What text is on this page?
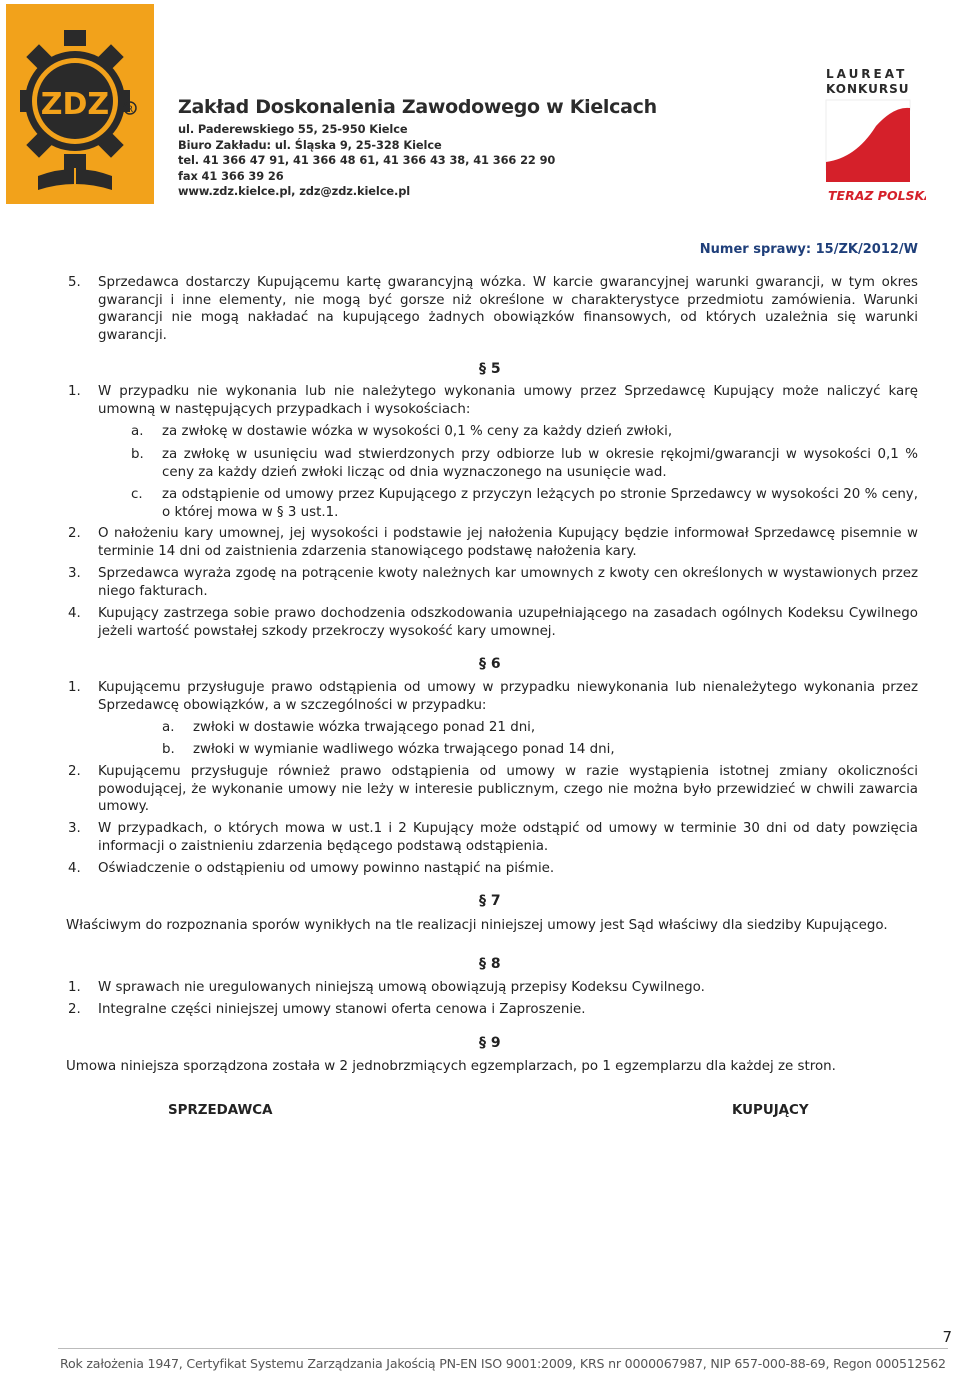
ZDZ R Zakład Doskonalenia Zawodowego w Kielcach
ul. Paderewskiego 55, 25-950 Kielce
Biuro Zakładu: ul. Śląska 9, 25-328 Kielce
tel. 41 366 47 91, 41 366 48 61, 41 366 43 38, 41 366 22 90
fax 41 366 39 26
www.zdz.kielce.pl, zdz@zdz.kielce.pl
LAUREAT
KONKURSU
TERAZ POLSKA
Numer sprawy: 15/ZK/2012/W
5. Sprzedawca dostarczy Kupującemu kartę gwarancyjną wózka. W karcie gwarancyjnej warunki gwarancji, w tym okres gwarancji i inne elementy, nie mogą być gorsze niż określone w charakterystyce przedmiotu zamówienia. Warunki gwarancji nie mogą nakładać na kupującego żadnych obowiązków finansowych, od których uzależnia się warunki gwarancji.

§ 5
1. W przypadku nie wykonania lub nie należytego wykonania umowy przez Sprzedawcę Kupujący może naliczyć karę umowną w następujących przypadkach i wysokościach:

a. za zwłokę w dostawie wózka w wysokości 0,1 % ceny za każdy dzień zwłoki,

b. za zwłokę w usunięciu wad stwierdzonych przy odbiorze lub w okresie rękojmi/gwarancji w wysokości 0,1 % ceny za każdy dzień zwłoki licząc od dnia wyznaczonego na usunięcie wad.

c. za odstąpienie od umowy przez Kupującego z przyczyn leżących po stronie Sprzedawcy w wysokości 20 % ceny, o której mowa w § 3 ust.1.

2. O nałożeniu kary umownej, jej wysokości i podstawie jej nałożenia Kupujący będzie informował Sprzedawcę pisemnie w terminie 14 dni od zaistnienia zdarzenia stanowiącego podstawę nałożenia kary.

3. Sprzedawca wyraża zgodę na potrącenie kwoty należnych kar umownych z kwoty cen określonych w wystawionych przez niego fakturach.

4. Kupujący zastrzega sobie prawo dochodzenia odszkodowania uzupełniającego na zasadach ogólnych Kodeksu Cywilnego jeżeli wartość powstałej szkody przekroczy wysokość kary umownej.

§ 6
1. Kupującemu przysługuje prawo odstąpienia od umowy w przypadku niewykonania lub nienależytego wykonania przez Sprzedawcę obowiązków, a w szczególności w przypadku:

a. zwłoki w dostawie wózka trwającego ponad 21 dni,

b. zwłoki w wymianie wadliwego wózka trwającego ponad 14 dni,

2. Kupującemu przysługuje również prawo odstąpienia od umowy w razie wystąpienia istotnej zmiany okoliczności powodującej, że wykonanie umowy nie leży w interesie publicznym, czego nie można było przewidzieć w chwili zawarcia umowy.

3. W przypadkach, o których mowa w ust.1 i 2 Kupujący może odstąpić od umowy w terminie 30 dni od daty powzięcia informacji o zaistnieniu zdarzenia będącego podstawą odstąpienia.

4. Oświadczenie o odstąpieniu od umowy powinno nastąpić na piśmie.

§ 7

Właściwym do rozpoznania sporów wynikłych na tle realizacji niniejszej umowy jest Sąd właściwy dla siedziby Kupującego.

§ 8
1. W sprawach nie uregulowanych niniejszą umową obowiązują przepisy Kodeksu Cywilnego.

2. Integralne części niniejszej umowy stanowi oferta cenowa i Zaproszenie.

§ 9

Umowa niniejsza sporządzona została w 2 jednobrzmiących egzemplarzach, po 1 egzemplarzu dla każdej ze stron.

SPRZEDAWCA	KUPUJĄCY
7
Rok założenia 1947, Certyfikat Systemu Zarządzania Jakością PN-EN ISO 9001:2009, KRS nr 0000067987, NIP 657-000-88-69, Regon 000512562
